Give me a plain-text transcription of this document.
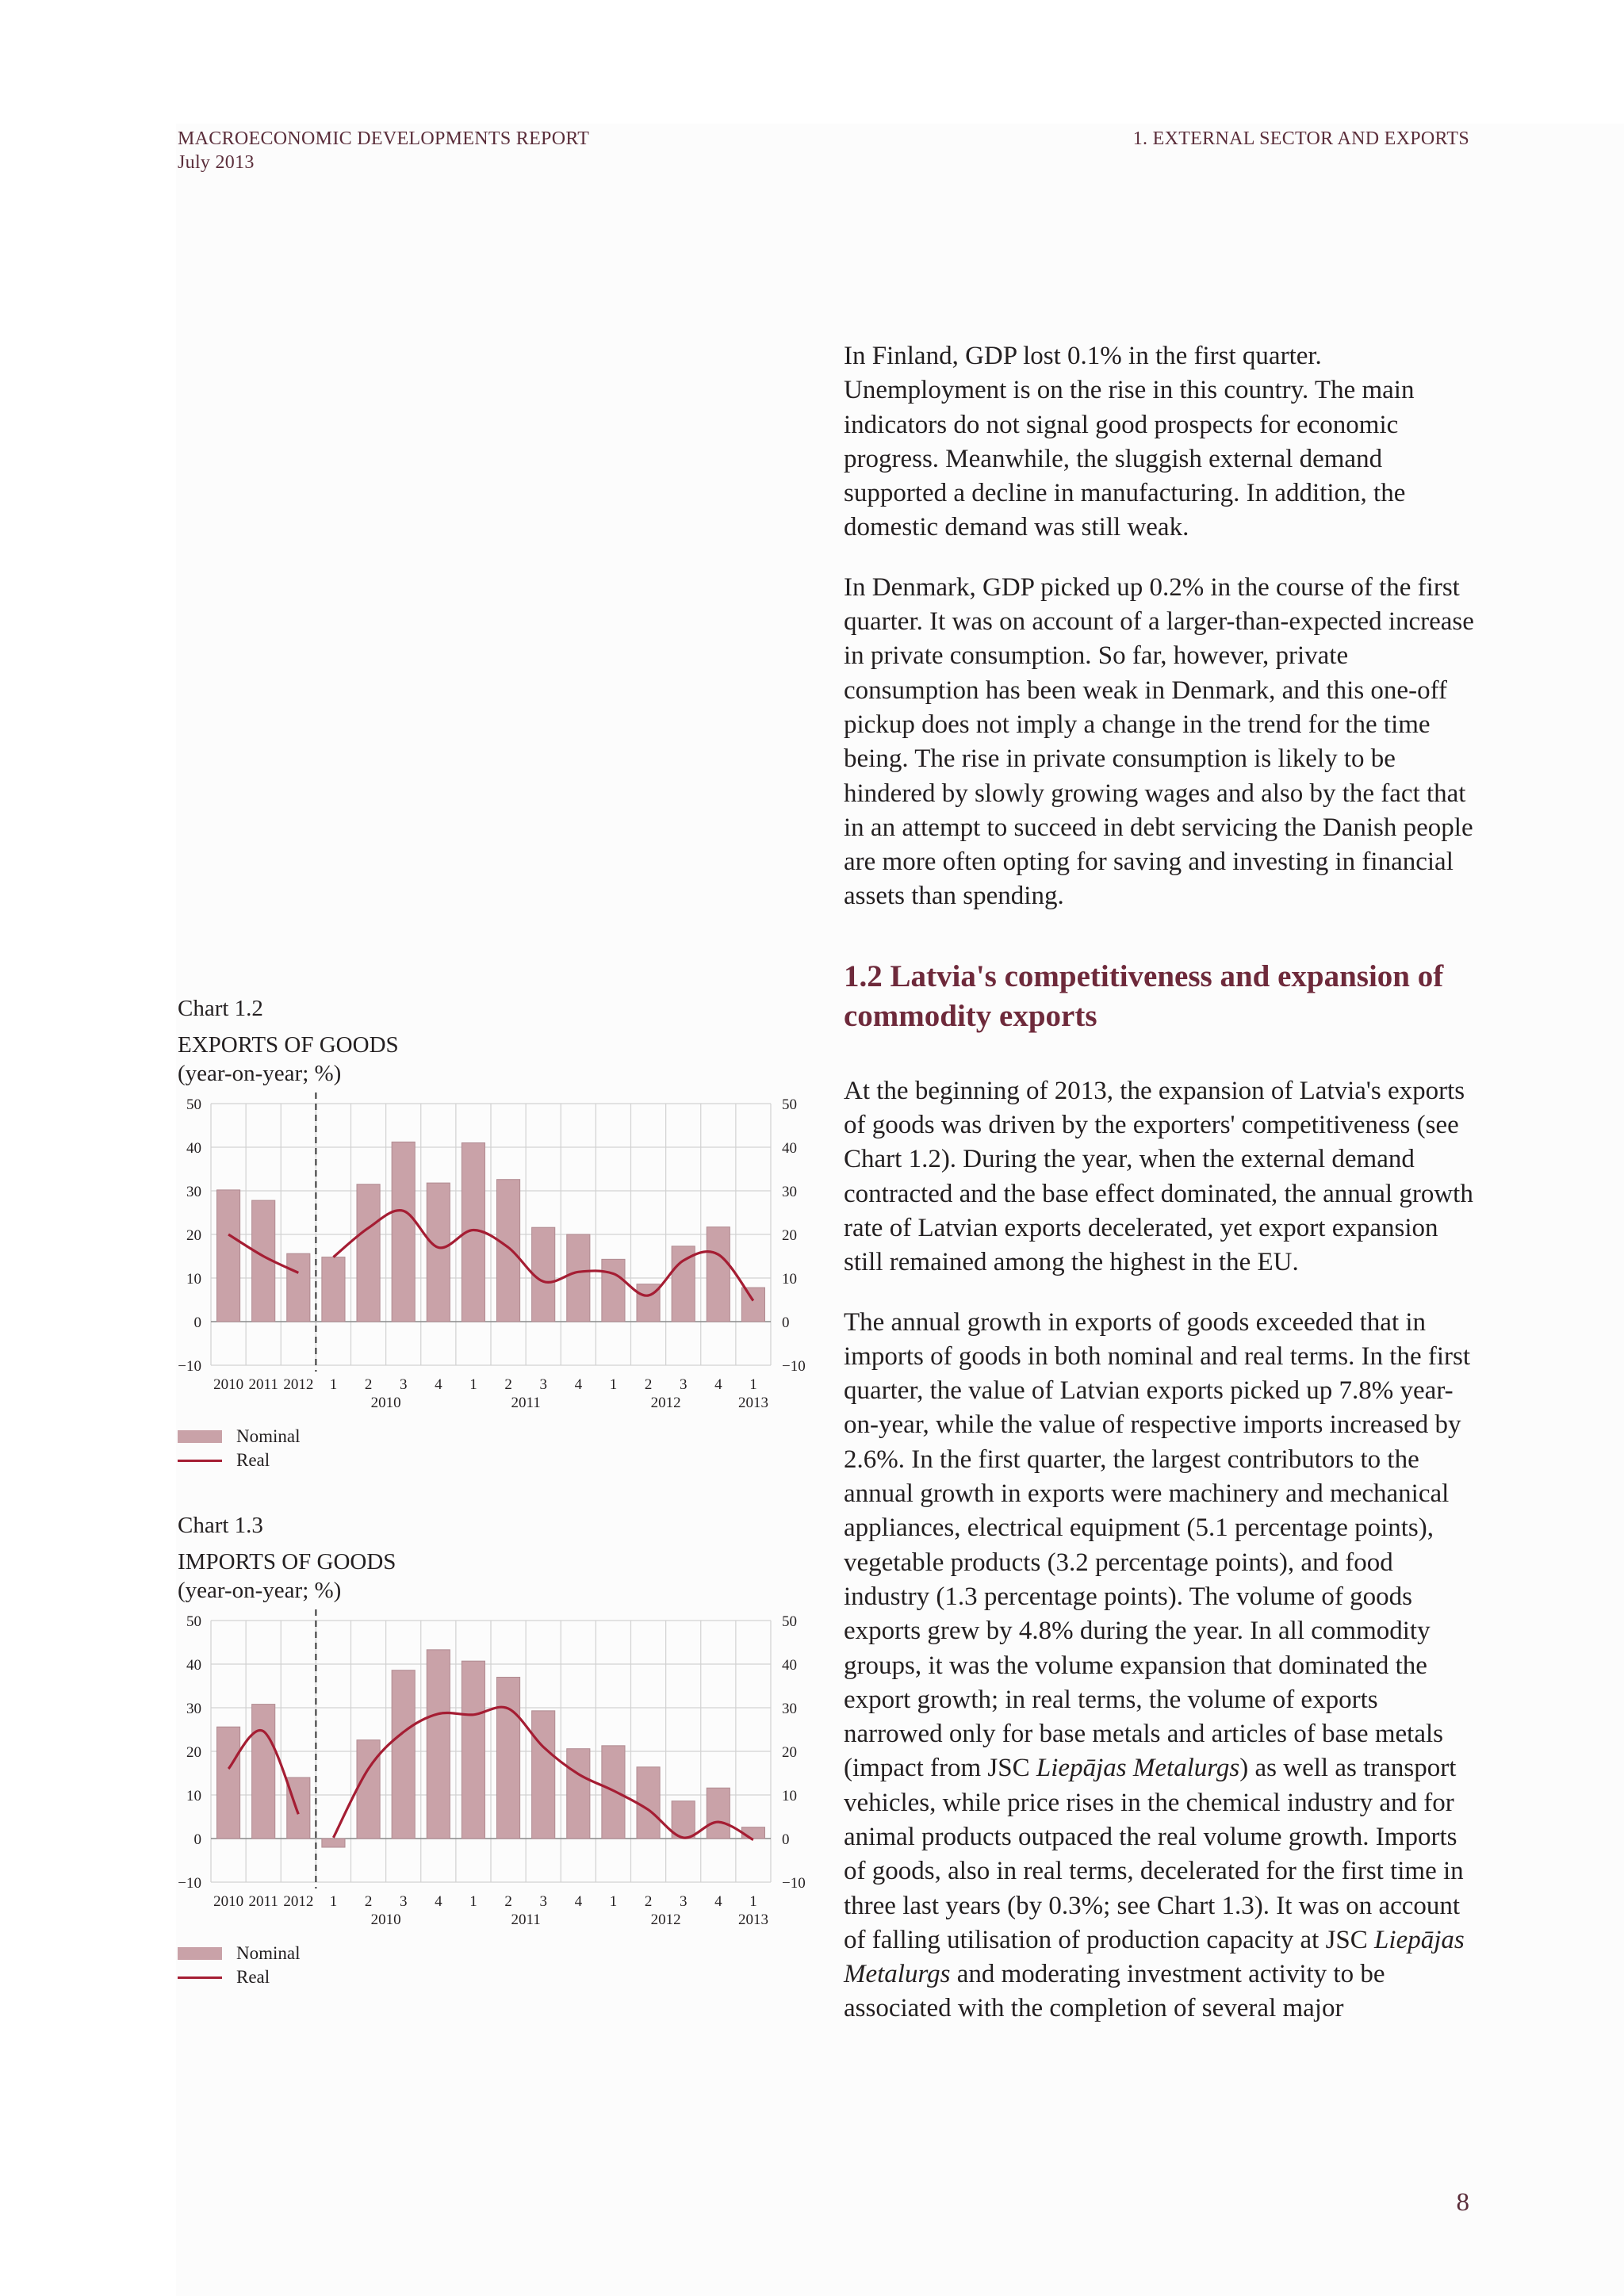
MACROECONOMIC DEVELOPMENTS REPORT
July 2013
1. EXTERNAL SECTOR AND EXPORTS
Chart 1.2
EXPORTS OF GOODS
(year-on-year; %)
50	50
40	40
30	30
20	20
10	10
0	0
−10	−10
2010 2011 2012 1 2 3 4 1 2 3 4 1 2 3 4 1
2010	2011	2012	2013
Nominal
Real
Chart 1.3
IMPORTS OF GOODS
(year-on-year; %)
50	50
40	40
30	30
20	20
10	10
0	0
−10	−10
2010 2011 2012 1 2 3 4 1 2 3 4 1 2 3 4 1
2010	2011	2012	2013
Nominal
Real

In Finland, GDP lost 0.1% in the first quarter. Unemployment is on the rise in this country. The main indicators do not signal good prospects for economic progress. Meanwhile, the sluggish external demand supported a decline in manufacturing. In addition, the domestic demand was still weak.

In Denmark, GDP picked up 0.2% in the course of the first quarter. It was on account of a larger-than-expected increase in private consumption. So far, however, private consumption has been weak in Denmark, and this one-off pickup does not imply a change in the trend for the time being. The rise in private consumption is likely to be hindered by slowly growing wages and also by the fact that in an attempt to succeed in debt servicing the Danish people are more often opting for saving and investing in financial assets than spending.

1.2 Latvia's competitiveness and expansion of commodity exports

At the beginning of 2013, the expansion of Latvia's exports of goods was driven by the exporters' competitiveness (see Chart 1.2). During the year, when the external demand contracted and the base effect dominated, the annual growth rate of Latvian exports decelerated, yet export expansion still remained among the highest in the EU.

The annual growth in exports of goods exceeded that in imports of goods in both nominal and real terms. In the first quarter, the value of Latvian exports picked up 7.8% year-on-year, while the value of respective imports increased by 2.6%. In the first quarter, the largest contributors to the annual growth in exports were machinery and mechanical appliances, electrical equipment (5.1 percentage points), vegetable products (3.2 percentage points), and food industry (1.3 percentage points). The volume of goods exports grew by 4.8% during the year. In all commodity groups, it was the volume expansion that dominated the export growth; in real terms, the volume of exports narrowed only for base metals and articles of base metals (impact from JSC Liepājas Metalurgs) as well as transport vehicles, while price rises in the chemical industry and for animal products outpaced the real volume growth. Imports of goods, also in real terms, decelerated for the first time in three last years (by 0.3%; see Chart 1.3). It was on account of falling utilisation of production capacity at JSC Liepājas Metalurgs and moderating investment activity to be associated with the completion of several major

8
